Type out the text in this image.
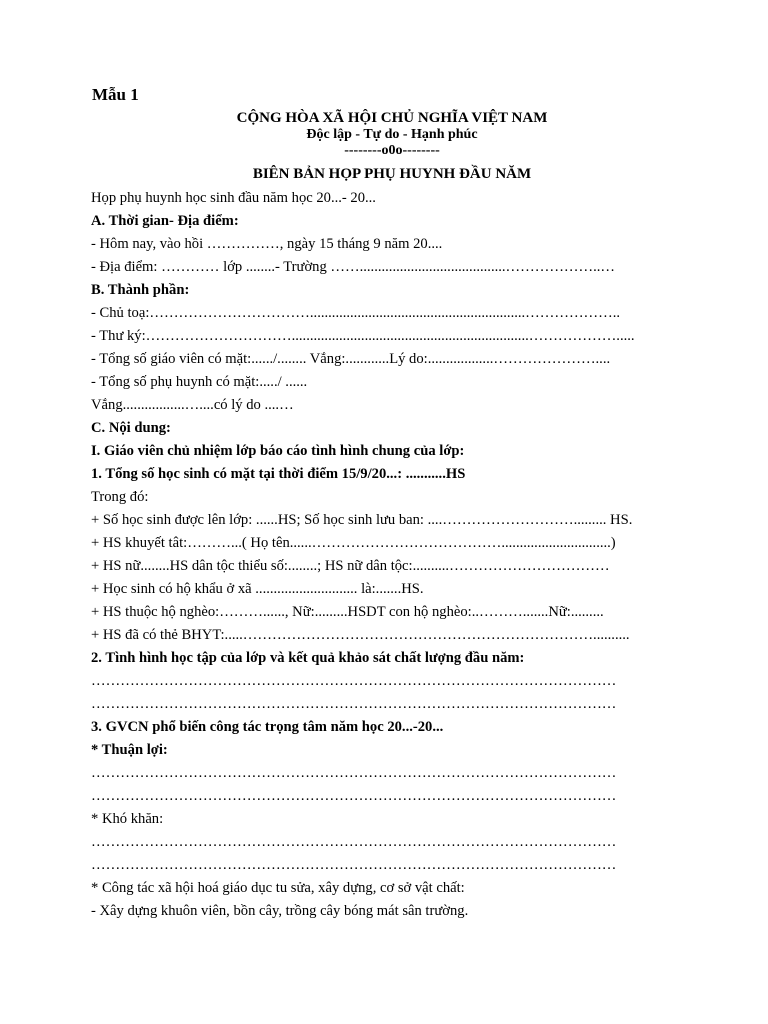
Mẫu 1
CỘNG HÒA XÃ HỘI CHỦ NGHĨA VIỆT NAM
Độc lập - Tự do - Hạnh phúc
--------o0o--------
BIÊN BẢN HỌP PHỤ HUYNH ĐẦU NĂM
Họp phụ huynh học sinh đầu năm học 20...- 20...
A. Thời gian- Địa điểm:
- Hôm nay, vào hồi ……………, ngày 15 tháng 9 năm 20....
- Địa điểm: ………… lớp ........- Trường ……........................................………………..…
B. Thành phần:
- Chủ toạ:……………………………...........................................................………………..
- Thư ký:………………………….................................................................……………….....
- Tổng số giáo viên có mặt:....../........ Vắng:............Lý do:..................…………………....
- Tổng số phụ huynh có mặt:...../ ......
Vắng.................…....có lý do ....…
C. Nội dung:
I. Giáo viên chủ nhiệm lớp báo cáo tình hình chung của lớp:
1. Tổng số học sinh có mặt tại thời điểm 15/9/20...: ...........HS
Trong đó:
+ Số học sinh được lên lớp: ......HS; Số học sinh lưu ban: ....………………………......... HS.
+ HS khuyết tât:………...( Họ tên......…………………………………..............................)
+ HS nữ........HS dân tộc thiểu số:........; HS nữ dân tộc:..........……………………………
+ Học sinh có hộ khẩu ở xã ............................ là:.......HS.
+ HS thuộc hộ nghèo:………......, Nữ:.........HSDT con hộ nghèo:..……….......Nữ:.........
+ HS đã có thẻ BHYT:.....………………………………………………………………..........
2. Tình hình học tập của lớp và kết quả khảo sát chất lượng đầu năm:
………………………………………………………………………………………………
………………………………………………………………………………………………
3. GVCN phổ biến công tác trọng tâm năm học 20...-20...
* Thuận lợi:
………………………………………………………………………………………………
………………………………………………………………………………………………
* Khó khăn:
………………………………………………………………………………………………
………………………………………………………………………………………………
* Công tác xã hội hoá giáo dục tu sửa, xây dựng, cơ sở vật chất:
- Xây dựng khuôn viên, bồn cây, trồng cây bóng mát sân trường.
